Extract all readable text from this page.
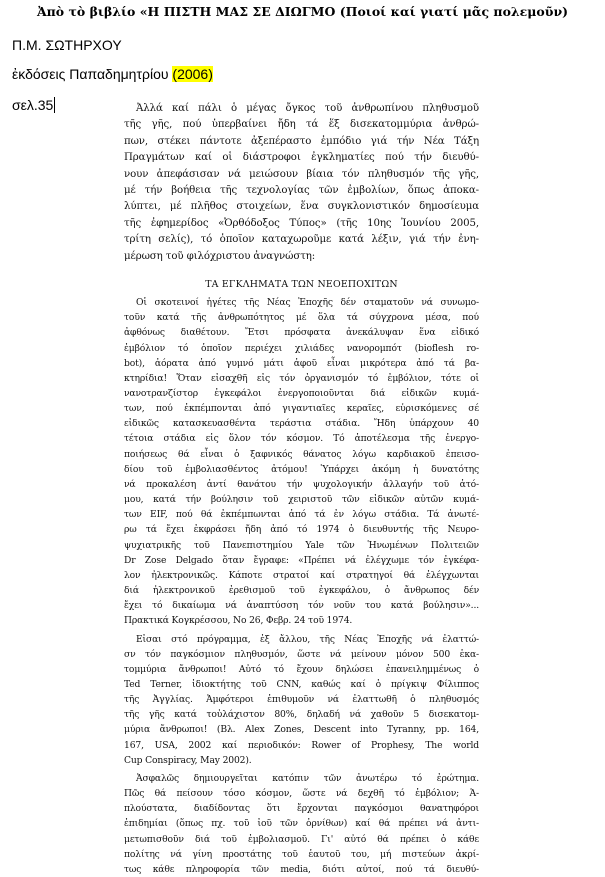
Ἀπὸ τὸ βιβλίο «Η ΠΙΣΤΗ ΜΑΣ ΣΕ ΔΙΩΓΜΟ (Ποιοί καί γιατί μᾶς πολεμοῦν)
Π.Μ. ΣΩΤΗΡΧΟΥ
ἐκδόσεις Παπαδημητρίου (2006)
σελ.35	Ἀλλά καί πάλι ὁ μέγας ὄγκος τοῦ ἀνθρωπίνου πληθυσμοῦ

τῆς γῆς, πού ὑπερβαίνει ἤδη τά ἕξ δισεκατομμύρια ἀνθρώ-

πων, στέκει πάντοτε ἀξεπέραστο ἐμπόδιο γιά τήν Νέα Τάξη

Πραγμάτων καί οἱ διάστροφοι ἐγκληματίες πού τήν διευθύ-

νουν ἀπεφάσισαν νά μειώσουν βίαια τόν πληθυσμόν τῆς γῆς,

μέ τήν βοήθεια τῆς τεχνολογίας τῶν ἐμβολίων, ὅπως ἀποκα-

λύπτει, μέ πλῆθος στοιχείων, ἕνα συγκλονιστικόν δημοσίευμα

τῆς ἐφημερίδος «Ὀρθόδοξος Τύπος» (τῆς 10ης Ἰουνίου 2005,

τρίτη σελίς), τό ὁποῖον καταχωροῦμε κατά λέξιν, γιά τήν ἐνη-

μέρωση τοῦ φιλόχριστου ἀναγνώστη:

ΤΑ ΕΓΚΛΗΜΑΤΑ ΤΩΝ ΝΕΟΕΠΟΧΙΤΩΝ

Οἱ σκοτεινοί ἡγέτες τῆς Νέας Ἐποχῆς δέν σταματοῦν νά συνωμο-

τοῦν κατά τῆς ἀνθρωπότητος μέ ὅλα τά σύγχρονα μέσα, πού

ἀφθόνως διαθέτουν. Ἔτσι πρόσφατα ἀνεκάλυψαν ἕνα εἰδικό

ἐμβόλιον τό ὁποῖον περιέχει χιλιάδες νανορομπότ (bioflesh ro-

bot), ἀόρατα ἀπό γυμνό μάτι ἀφοῦ εἶναι μικρότερα ἀπό τά βα-

κτηρίδια! Ὅταν εἰσαχθῆ εἰς τόν ὀργανισμόν τό ἐμβόλιον, τότε οἱ

νανοτρανζίστορ ἐγκεφάλοι ἐνεργοποιοῦνται διά εἰδικῶν κυμά-

των, πού ἐκπέμπονται ἀπό γιγαντιαῖες κεραῖες, εὑρισκόμενες σέ

εἰδικῶς κατασκευασθέντα τεράστια στάδια. Ἤδη ὑπάρχουν 40

τέτοια στάδια εἰς ὅλον τόν κόσμον. Τό ἀποτέλεσμα τῆς ἐνεργο-

ποιήσεως θά εἶναι ὁ ξαφνικός θάνατος λόγω καρδιακοῦ ἐπεισο-

δίου τοῦ ἐμβολιασθέντος ἀτόμου! Ὑπάρχει ἀκόμη ἡ δυνατότης

νά προκαλέση ἀντί θανάτου τήν ψυχολογικήν ἀλλαγήν τοῦ ἀτό-

μου, κατά τήν βούλησιν τοῦ χειριστοῦ τῶν εἰδικῶν αὐτῶν κυμά-

των EIF, πού θά ἐκπέμπωνται ἀπό τά ἐν λόγω στάδια. Τά ἀνωτέ-

ρω τά ἔχει ἐκφράσει ἤδη ἀπό τό 1974 ὁ διευθυντής τῆς Νευρο-

ψυχιατρικῆς τοῦ Πανεπιστημίου Yale τῶν Ἡνωμένων Πολιτειῶν

Dr Zose Delgado ὅταν ἔγραφε: «Πρέπει νά ἐλέγχωμε τόν ἐγκέφα-

λον ἠλεκτρονικῶς. Κάποτε στρατοί καί στρατηγοί θά ἐλέγχωνται

διά ἠλεκτρονικοῦ ἐρεθισμοῦ τοῦ ἐγκεφάλου, ὁ ἄνθρωπος δέν

ἔχει τό δικαίωμα νά ἀναπτύσση τόν νοῦν του κατά βούλησιν»...

Πρακτικά Κογκρέσσου, Νο 26, Φεβρ. 24 τοῦ 1974.

Εἰσαι στό πρόγραμμα, ἐξ ἄλλου, τῆς Νέας Ἐποχῆς νά ἐλαττώ-

σν τόν παγκόσμιον πληθυσμόν, ὥστε νά μείνουν μόνον 500 ἑκα-

τομμύρια ἄνθρωποι! Αὐτό τό ἔχουν δηλώσει ἐπανειλημμένως ὁ

Ted Terner, ἰδιοκτήτης τοῦ CNN, καθώς καί ὁ πρίγκιψ Φίλιππος

τῆς Ἀγγλίας. Ἀμφότεροι ἐπιθυμοῦν νά ἐλαττωθῆ ὁ πληθυσμός

τῆς γῆς κατά τοὐλάχιστον 80%, δηλαδή νά χαθοῦν 5 δισεκατομ-

μύρια ἄνθρωποι! (Βλ. Alex Zones, Descent into Tyranny, pp. 164,

167, USA, 2002 καί περιοδικόν: Rower of Prophesy, The world

Cup Conspiracy, May 2002).

Ἀσφαλῶς δημιουργεῖται κατόπιν τῶν ἀνωτέρω τό ἐρώτημα.

Πῶς θά πείσουν τόσο κόσμον, ὥστε νά δεχθῆ τό ἐμβόλιον; Ἁ-

πλούστατα, διαδίδοντας ὅτι ἔρχονται παγκόσμοι θανατηφόροι

ἐπιδημίαι (ὅπως πχ. τοῦ ἰοῦ τῶν ὀρνίθων) καί θά πρέπει νά ἀντι-

μετωπισθοῦν διά τοῦ ἐμβολιασμοῦ. Γι' αὐτό θά πρέπει ὁ κάθε

πολίτης νά γίνη προστάτης τοῦ ἑαυτοῦ του, μή πιστεύων ἀκρί-

τως κάθε πληροφορία τῶν media, διότι αὐτοί, πού τά διευθύ-
